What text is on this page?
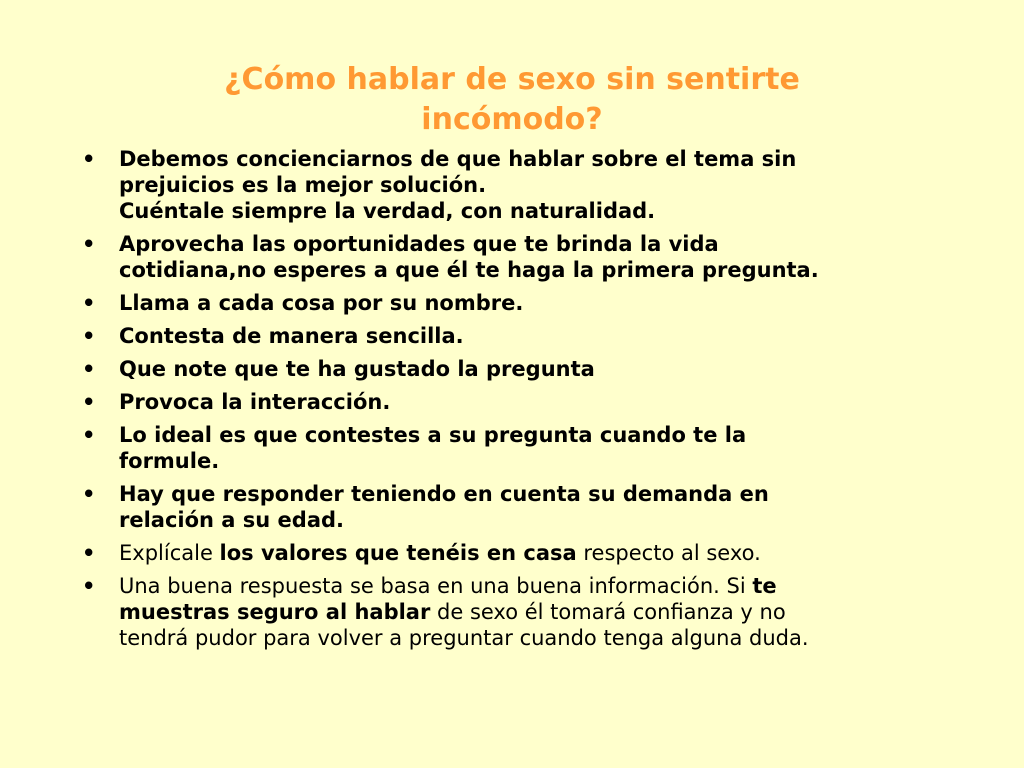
¿Cómo hablar de sexo sin sentirte
incómodo?
•	Debemos concienciarnos de que hablar sobre el tema sin
prejuicios es la mejor solución.
Cuéntale siempre la verdad, con naturalidad.
•	Aprovecha las oportunidades que te brinda la vida
cotidiana,no esperes a que él te haga la primera pregunta.
•	Llama a cada cosa por su nombre.
•	Contesta de manera sencilla.
•	Que note que te ha gustado la pregunta
•	Provoca la interacción.
•	Lo ideal es que contestes a su pregunta cuando te la
formule.
•	Hay que responder teniendo en cuenta su demanda en
relación a su edad.
•	Explícale los valores que tenéis en casa respecto al sexo.
•	Una buena respuesta se basa en una buena información. Si te
muestras seguro al hablar de sexo él tomará confianza y no
tendrá pudor para volver a preguntar cuando tenga alguna duda.
